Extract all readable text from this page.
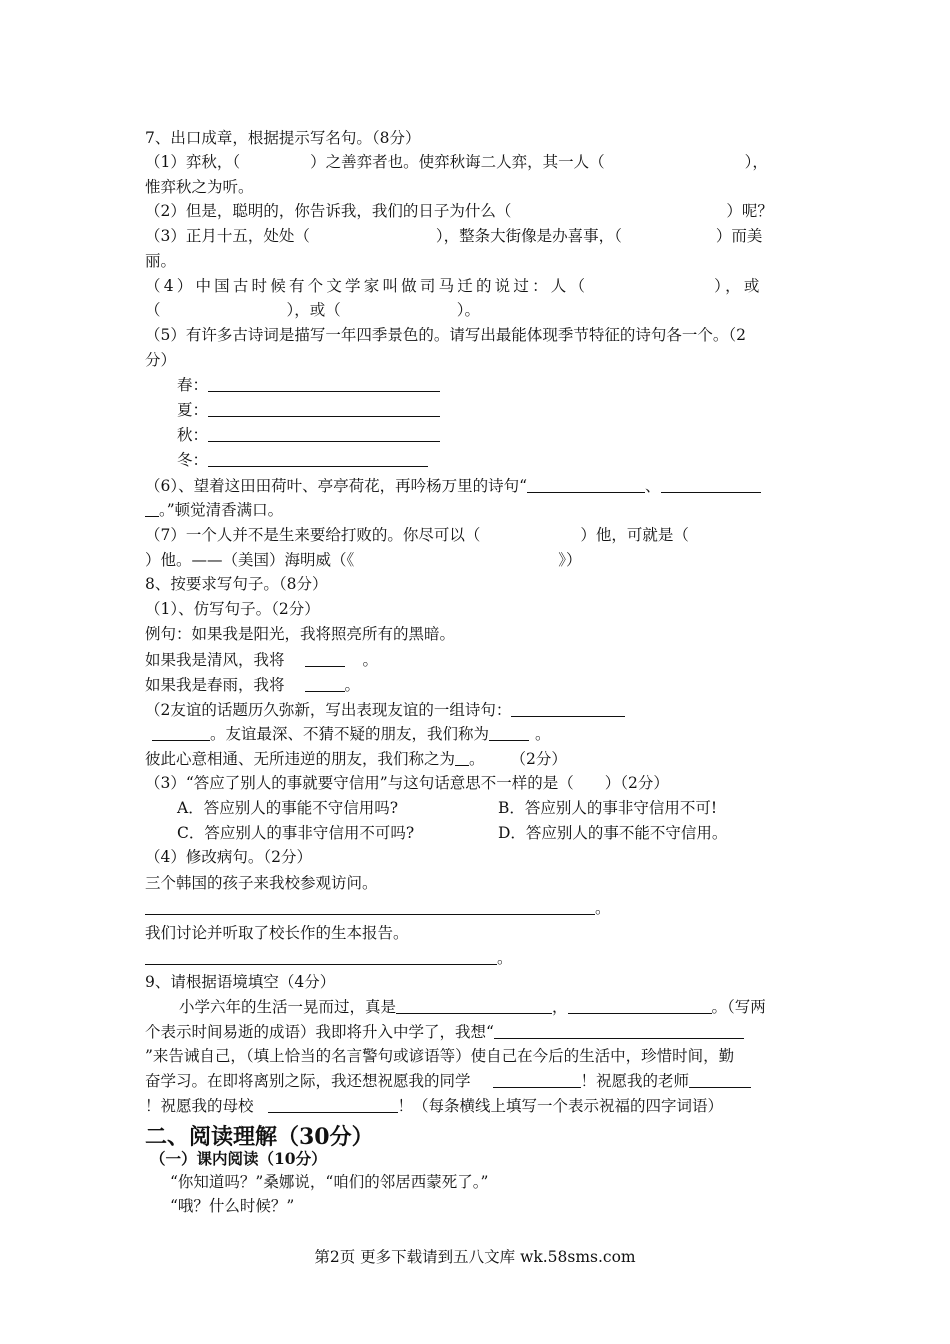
7、出口成章，根据提示写名句。（8分）
（1）弈秋，（	）之善弈者也。使弈秋诲二人弈，其一人（	），
惟弈秋之为听。
（2）但是，聪明的，你告诉我，我们的日子为什么（	）呢？
（3）正月十五，处处（	），整条大街像是办喜事，（	）而美
丽。
（4）中国古时候有个文学家叫做司马迁的说过：人（	），或
（	），或（	）。
（5）有许多古诗词是描写一年四季景色的。请写出最能体现季节特征的诗句各一个。（2
分）
春：
夏：
秋：
冬：
（6）、望着这田田荷叶、亭亭荷花，再吟杨万里的诗句“	、
。”顿觉清香满口。
（7）一个人并不是生来要给打败的。你尽可以（	）他，可就是（
）他。——（美国）海明威（《	》）
8、按要求写句子。（8分）
（1）、仿写句子。（2分）
例句：如果我是阳光，我将照亮所有的黑暗。
如果我是清风，我将	。
如果我是春雨，我将	。
（2友谊的话题历久弥新，写出表现友谊的一组诗句：
。友谊最深、不猜不疑的朋友，我们称为	。
彼此心意相通、无所违逆的朋友，我们称之为 。 （2分）
（3）“答应了别人的事就要守信用”与这句话意思不一样的是（　　）（2分）
A．答应别人的事能不守信用吗?	B．答应别人的事非守信用不可!
C．答应别人的事非守信用不可吗?	D．答应别人的事不能不守信用。
（4）修改病句。（2分）
三个韩国的孩子来我校参观访问。
。
我们讨论并听取了校长作的生本报告。
。
9、请根据语境填空（4分）
小学六年的生活一晃而过，真是	，	。（写两
个表示时间易逝的成语）我即将升入中学了，我想“
”来告诫自己，（填上恰当的名言警句或谚语等）使自己在今后的生活中，珍惜时间，勤
奋学习。在即将离别之际，我还想祝愿我的同学	！祝愿我的老师
！祝愿我的母校	！（每条横线上填写一个表示祝福的四字词语）
二、阅读理解（30分）
（一）课内阅读（10分）
“你知道吗？”桑娜说，“咱们的邻居西蒙死了。”
“哦？什么时候？”
第2页 更多下载请到五八文库 wk.58sms.com
